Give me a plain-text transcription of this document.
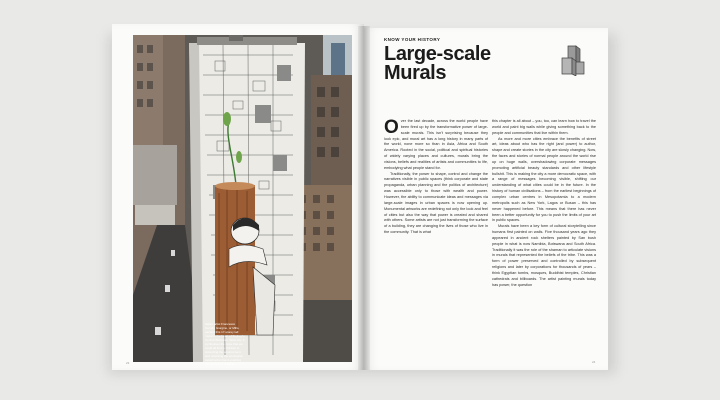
Italian artist Francesco Camillo Giorgino, or Millo, painted this 17-storey tall mural in the heart of Sydney's Central Business. Wow city. It symbolises the hope that we could all find in children in protecting the environment and reversing the ecological catastrophe that is pushing our climate to collapse.
23
KNOW YOUR HISTORY
Large-scale Murals

Over the last decade, across the world people have been fired up by the transformative power of large-scale murals. This isn't surprising because they look epic, and mural art has a long history in many parts of the world, none more so than in Asia, Africa and South America. Rooted in the social, political and spiritual histories of widely varying places and cultures, murals bring the visions, beliefs and realities of artists and communities to life, embodying what people stand for.

Traditionally, the power to shape, control and change the narratives visible in public spaces (think corporate and state propaganda, urban planning and the politics of architecture) was accessible only to those with wealth and power. However, the ability to communicate ideas and messages via large-scale images in urban spaces is now opening up. Monumental artworks are redefining not only the look and feel of cities but also the way that power is created and shared with others. Some artists are not just transforming the surface of a building, they are changing the lives of those who live in the community. That is what

this chapter is all about – you, too, can learn how to travel the world and paint big walls while giving something back to the people and communities that live within them.

As more and more cities embrace the benefits of street art, ideas about who has the right (and power) to author, shape and create stories in the city are slowly changing. Now, the faces and stories of normal people around the world rise up on huge walls, overshadowing corporate messages promoting artificial beauty standards and other lifestyle bullshit. This is making the city a more democratic space, with a range of messages becoming visible, shifting our understanding of what cities could be in the future. In the history of human civilisations – from the earliest beginnings of complex urban centres in Mesopotamia to a modern metropolis such as New York, Lagos or Busan – this has never happened before. This means that there has never been a better opportunity for you to push the limits of your art in public spaces.

Murals have been a key form of cultural storytelling since humans first painted on walls. Five thousand years ago they appeared in ancient rock shelters painted by San bush people in what is now Namibia, Botswana and South Africa. Traditionally it was the role of the shaman to articulate visions in murals that represented the beliefs of the tribe. This was a form of power preserved and controlled by subsequent religions and later by corporations for thousands of years – think Egyptian tombs, mosques, Buddhist temples, Christian cathedrals and billboards. The artist painting murals today has power, the question

24
